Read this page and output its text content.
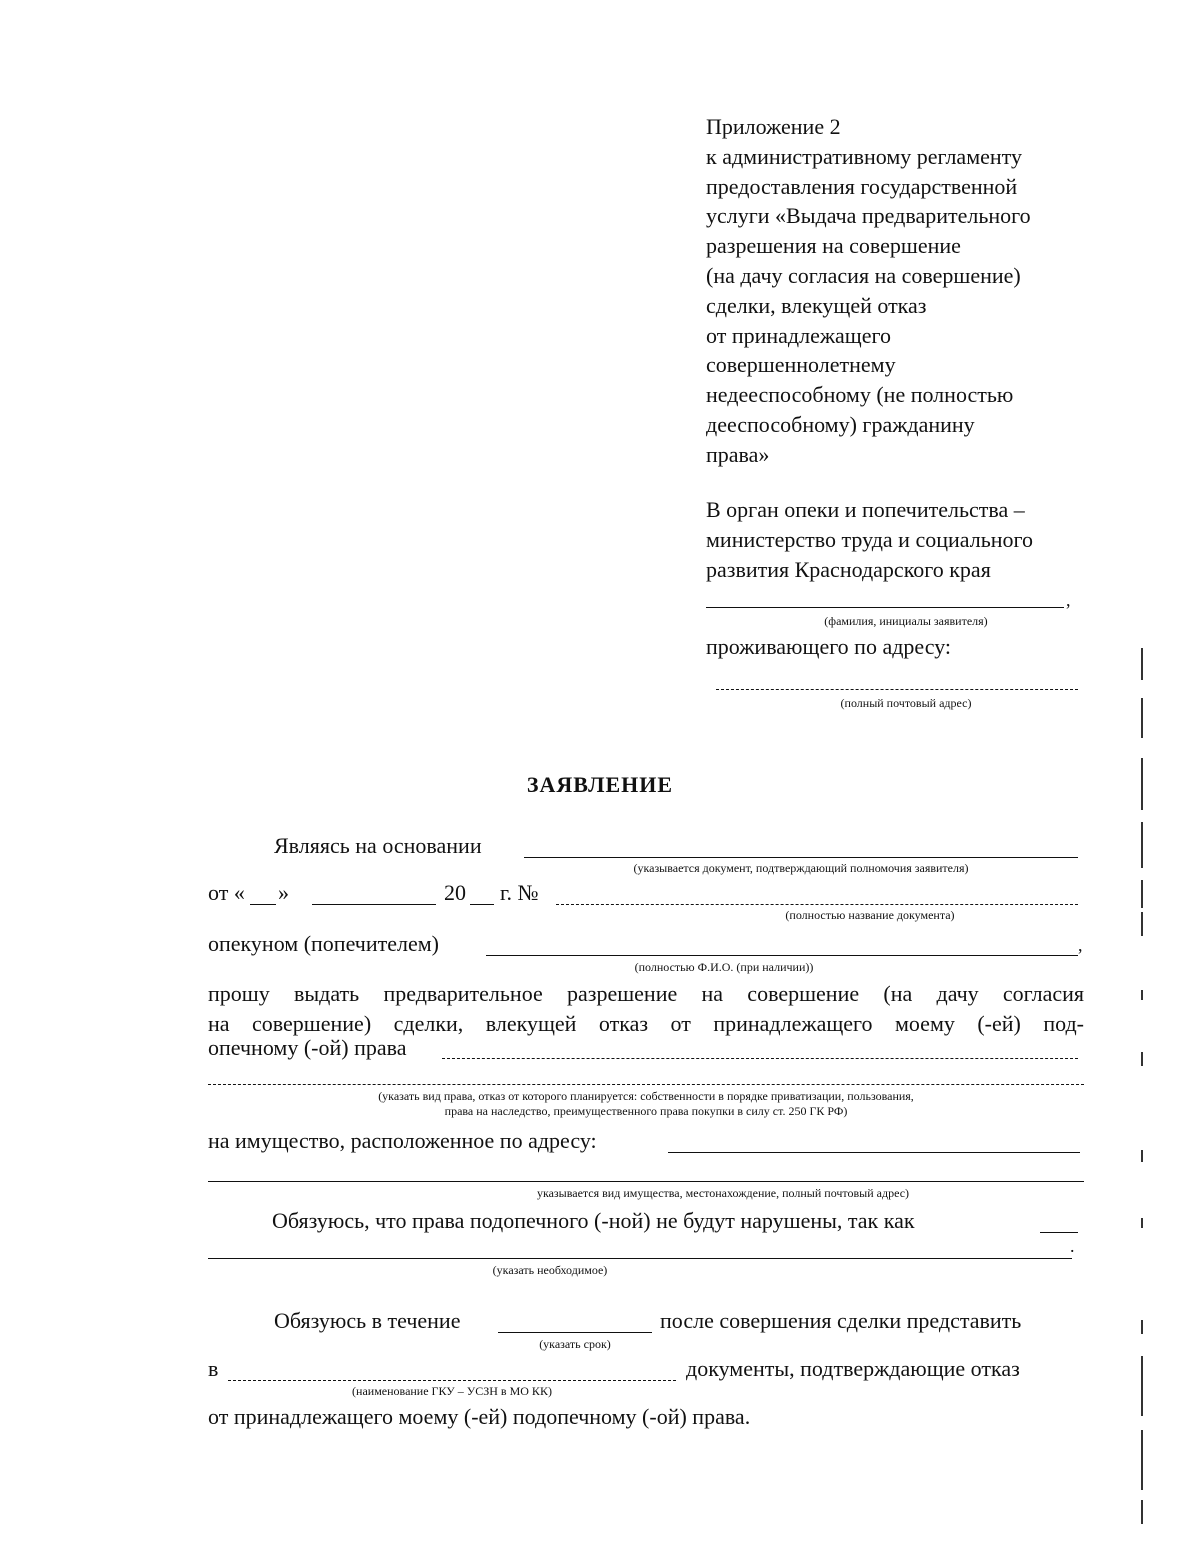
Приложение 2
к административному регламенту
предоставления государственной
услуги «Выдача предварительного
разрешения на совершение
(на дачу согласия на совершение)
сделки, влекущей отказ
от принадлежащего
совершеннолетнему
недееспособному (не полностью
дееспособному) гражданину
права»
В орган опеки и попечительства –
министерство труда и социального
развития Краснодарского края
,
(фамилия, инициалы заявителя)
проживающего по адресу:
(полный почтовый адрес)
ЗАЯВЛЕНИЕ
Являясь на основании
(указывается документ, подтверждающий полномочия заявителя)
от « »	20 г. №
(полностью название документа)
опекуном (попечителем)	,
(полностью Ф.И.О. (при наличии))
прошу выдать предварительное разрешение на совершение (на дачу согласия
на совершение) сделки, влекущей отказ от принадлежащего моему (-ей) под-
опечному (-ой) права
(указать вид права, отказ от которого планируется: собственности в порядке приватизации, пользования,
права на наследство, преимущественного права покупки в силу ст. 250 ГК РФ)
на имущество, расположенное по адресу:
указывается вид имущества, местонахождение, полный почтовый адрес)
Обязуюсь, что права подопечного (-ной) не будут нарушены, так как
.
(указать необходимое)
Обязуюсь в течение	после совершения сделки представить
(указать срок)
в	документы, подтверждающие отказ
(наименование ГКУ – УСЗН в МО КК)
от принадлежащего моему (-ей) подопечному (-ой) права.
